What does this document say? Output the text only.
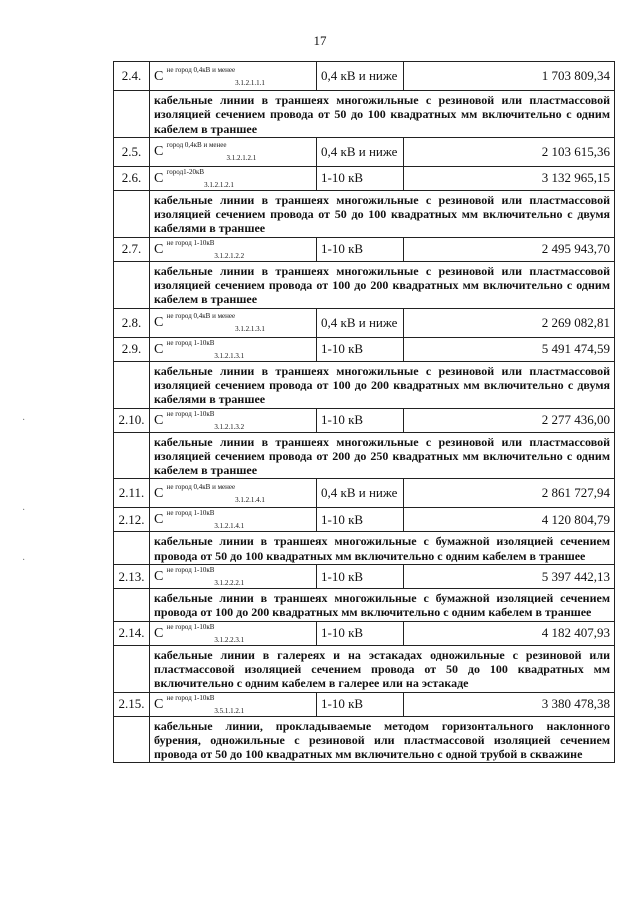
17
·
·
·
2.4.	С $^{не город 0,4кВ и менее}$3.1.2.1.1.1	0,4 кВ и ниже	1 703 809,34
	кабельные линии в траншеях многожильные с резиновой или пластмассовой изоляцией сечением провода от 50 до 100 квадратных мм включительно с одним кабелем в траншее		
2.5.	С $^{город 0,4кВ и менее}$3.1.2.1.2.1	0,4 кВ и ниже	2 103 615,36
2.6.	С $^{город1-20кВ}$3.1.2.1.2.1	1-10 кВ	3 132 965,15
	кабельные линии в траншеях многожильные с резиновой или пластмассовой изоляцией сечением провода от 50 до 100 квадратных мм включительно с двумя кабелями в траншее		
2.7.	С $^{не город 1-10кВ}$3.1.2.1.2.2	1-10 кВ	2 495 943,70
	кабельные линии в траншеях многожильные с резиновой или пластмассовой изоляцией сечением провода от 100 до 200 квадратных мм включительно с одним кабелем в траншее		
2.8.	С $^{не город 0,4кВ и менее}$3.1.2.1.3.1	0,4 кВ и ниже	2 269 082,81
2.9.	С $^{не город 1-10кВ}$3.1.2.1.3.1	1-10 кВ	5 491 474,59
	кабельные линии в траншеях многожильные с резиновой или пластмассовой изоляцией сечением провода от 100 до 200 квадратных мм включительно с двумя кабелями в траншее		
2.10.	С $^{не город 1-10кВ}$3.1.2.1.3.2	1-10 кВ	2 277 436,00
	кабельные линии в траншеях многожильные с резиновой или пластмассовой изоляцией сечением провода от 200 до 250 квадратных мм включительно с одним кабелем в траншее		
2.11.	С $^{не город 0,4кВ и менее}$3.1.2.1.4.1	0,4 кВ и ниже	2 861 727,94
2.12.	С $^{не город 1-10кВ}$3.1.2.1.4.1	1-10 кВ	4 120 804,79
	кабельные линии в траншеях многожильные с бумажной изоляцией сечением провода от 50 до 100 квадратных мм включительно с одним кабелем в траншее		
2.13.	С $^{не город 1-10кВ}$3.1.2.2.2.1	1-10 кВ	5 397 442,13
	кабельные линии в траншеях многожильные с бумажной изоляцией сечением провода от 100 до 200 квадратных мм включительно с одним кабелем в траншее		
2.14.	С $^{не город 1-10кВ}$3.1.2.2.3.1	1-10 кВ	4 182 407,93
	кабельные линии в галереях и на эстакадах одножильные с резиновой или пластмассовой изоляцией сечением провода от 50 до 100 квадратных мм включительно с одним кабелем в галерее или на эстакаде		
2.15.	С $^{не город 1-10кВ}$3.5.1.1.2.1	1-10 кВ	3 380 478,38
	кабельные линии, прокладываемые методом горизонтального наклонного бурения, одножильные с резиновой или пластмассовой изоляцией сечением провода от 50 до 100 квадратных мм включительно с одной трубой в скважине		
